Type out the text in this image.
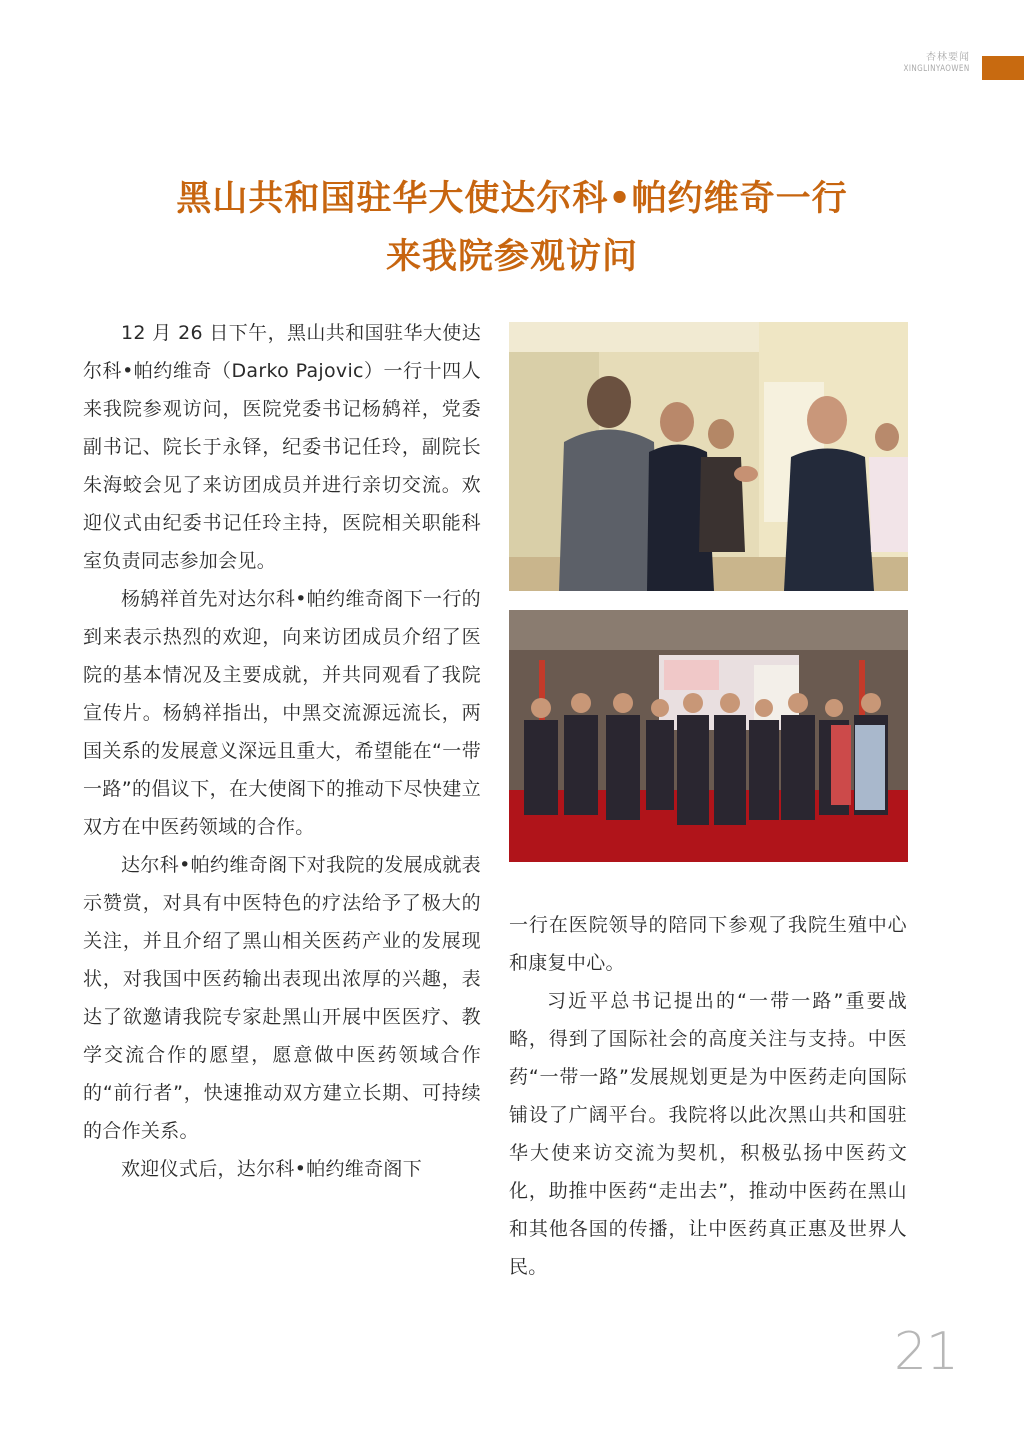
杏林要闻
XINGLINYAOWEN
黑山共和国驻华大使达尔科•帕约维奇一行
来我院参观访问

12 月 26 日下午，黑山共和国驻华大使达尔科•帕约维奇（Darko Pajovic）一行十四人来我院参观访问，医院党委书记杨鸫祥，党委副书记、院长于永铎，纪委书记任玲，副院长朱海蛟会见了来访团成员并进行亲切交流。欢迎仪式由纪委书记任玲主持，医院相关职能科室负责同志参加会见。

杨鸫祥首先对达尔科•帕约维奇阁下一行的到来表示热烈的欢迎，向来访团成员介绍了医院的基本情况及主要成就，并共同观看了我院宣传片。杨鸫祥指出，中黑交流源远流长，两国关系的发展意义深远且重大，希望能在“一带一路”的倡议下，在大使阁下的推动下尽快建立双方在中医药领域的合作。

达尔科•帕约维奇阁下对我院的发展成就表示赞赏，对具有中医特色的疗法给予了极大的关注，并且介绍了黑山相关医药产业的发展现状，对我国中医药输出表现出浓厚的兴趣，表达了欲邀请我院专家赴黑山开展中医医疗、教学交流合作的愿望，愿意做中医药领域合作的“前行者”，快速推动双方建立长期、可持续的合作关系。

欢迎仪式后，达尔科•帕约维奇阁下

一行在医院领导的陪同下参观了我院生殖中心和康复中心。

习近平总书记提出的“一带一路”重要战略，得到了国际社会的高度关注与支持。中医药“一带一路”发展规划更是为中医药走向国际铺设了广阔平台。我院将以此次黑山共和国驻华大使来访交流为契机，积极弘扬中医药文化，助推中医药“走出去”，推动中医药在黑山和其他各国的传播，让中医药真正惠及世界人民。

21
